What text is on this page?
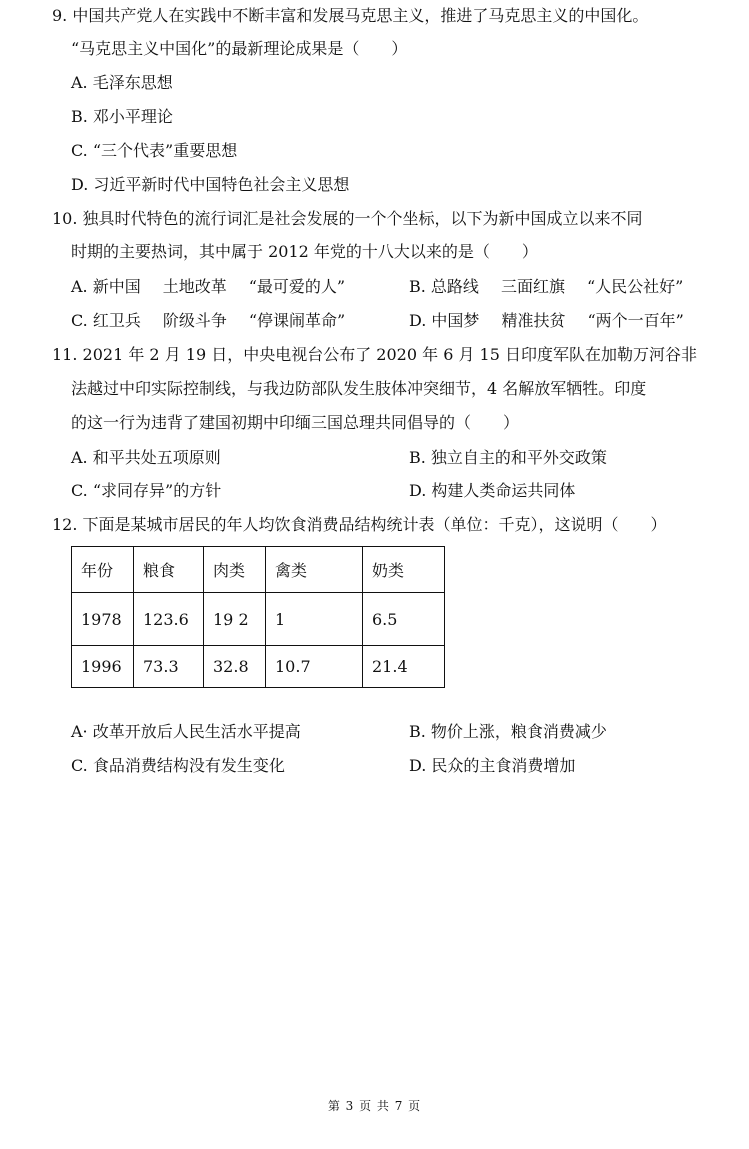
9. 中国共产党人在实践中不断丰富和发展马克思主义，推进了马克思主义的中国化。
“马克思主义中国化”的最新理论成果是（　　）
A. 毛泽东思想
B. 邓小平理论
C. “三个代表”重要思想
D. 习近平新时代中国特色社会主义思想
10. 独具时代特色的流行词汇是社会发展的一个个坐标，以下为新中国成立以来不同
时期的主要热词，其中属于 2012 年党的十八大以来的是（　　）
A. 新中国 土地改革 “最可爱的人”	B. 总路线 三面红旗 “人民公社好”
C. 红卫兵 阶级斗争 “停课闹革命”	D. 中国梦 精准扶贫 “两个一百年”
11. 2021 年 2 月 19 日，中央电视台公布了 2020 年 6 月 15 日印度军队在加勒万河谷非
法越过中印实际控制线，与我边防部队发生肢体冲突细节，4 名解放军牺牲。印度
的这一行为违背了建国初期中印缅三国总理共同倡导的（　　）
A. 和平共处五项原则	B. 独立自主的和平外交政策
C. “求同存异”的方针	D. 构建人类命运共同体
12. 下面是某城市居民的年人均饮食消费品结构统计表（单位：千克），这说明（　　）
年份	粮食	肉类	禽类	奶类
1978	123.6	19 2 ·	1	6.5
1996	73.3	32.8	10.7	21.4
A· 改革开放后人民生活水平提高	B. 物价上涨，粮食消费减少
C. 食品消费结构没有发生变化	D. 民众的主食消费增加
第 3 页 共 7 页
